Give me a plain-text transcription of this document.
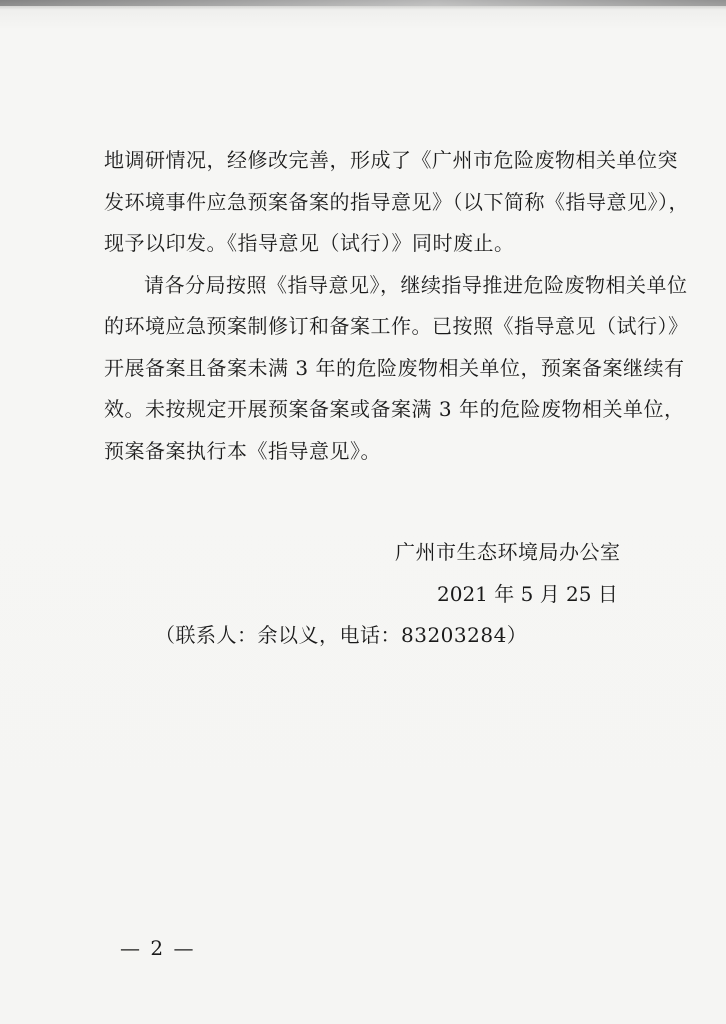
地调研情况，经修改完善，形成了《广州市危险废物相关单位突
发环境事件应急预案备案的指导意见》（以下简称《指导意见》），
现予以印发。《指导意见（试行）》同时废止。
请各分局按照《指导意见》，继续指导推进危险废物相关单位
的环境应急预案制修订和备案工作。已按照《指导意见（试行）》
开展备案且备案未满 3 年的危险废物相关单位，预案备案继续有
效。未按规定开展预案备案或备案满 3 年的危险废物相关单位，
预案备案执行本《指导意见》。
广州市生态环境局办公室
2021 年 5 月 25 日
（联系人：余以义，电话：83203284）
— 2 —
